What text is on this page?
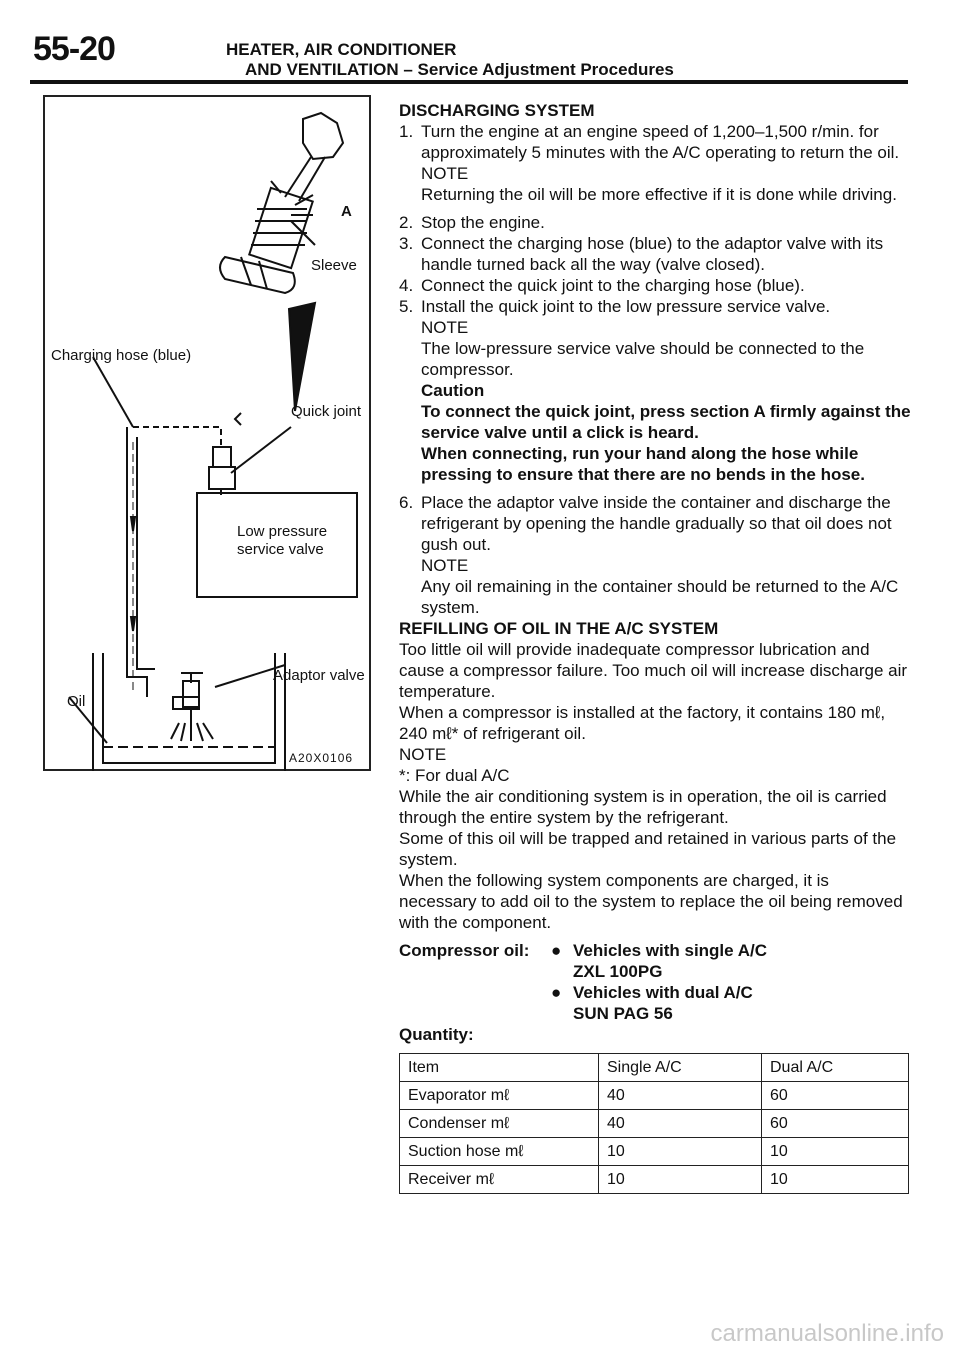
55-20	HEATER, AIR CONDITIONER
AND VENTILATION – Service Adjustment Procedures
A
Sleeve
Charging hose (blue)
Quick joint
Low pressure
service valve
Adaptor valve
Oil
A20X0106

DISCHARGING SYSTEM

1. Turn the engine at an engine speed of 1,200–1,500 r/min. for approximately 5 minutes with the A/C operating to return the oil.

NOTE

Returning the oil will be more effective if it is done while driving.

2. Stop the engine.
3. Connect the charging hose (blue) to the adaptor valve with its handle turned back all the way (valve closed).
4. Connect the quick joint to the charging hose (blue).
5. Install the quick joint to the low pressure service valve.

NOTE

The low-pressure service valve should be connected to the compressor.

Caution

To connect the quick joint, press section A firmly against the service valve until a click is heard.

When connecting, run your hand along the hose while pressing to ensure that there are no bends in the hose.

6. Place the adaptor valve inside the container and discharge the refrigerant by opening the handle gradually so that oil does not gush out.

NOTE

Any oil remaining in the container should be returned to the A/C system.

REFILLING OF OIL IN THE A/C SYSTEM

Too little oil will provide inadequate compressor lubrication and cause a compressor failure. Too much oil will increase discharge air temperature.

When a compressor is installed at the factory, it contains 180 mℓ, 240 mℓ* of refrigerant oil.

NOTE

*: For dual A/C

While the air conditioning system is in operation, the oil is carried through the entire system by the refrigerant.

Some of this oil will be trapped and retained in various parts of the system.

When the following system components are charged, it is necessary to add oil to the system to replace the oil being removed with the component.

Compressor oil:	● Vehicles with single A/C
ZXL 100PG
● Vehicles with dual A/C
SUN PAG 56

Quantity:

Item	Single A/C	Dual A/C
Evaporator mℓ	40	60
Condenser mℓ	40	60
Suction hose mℓ	10	10
Receiver mℓ	10	10
carmanualsonline.info
